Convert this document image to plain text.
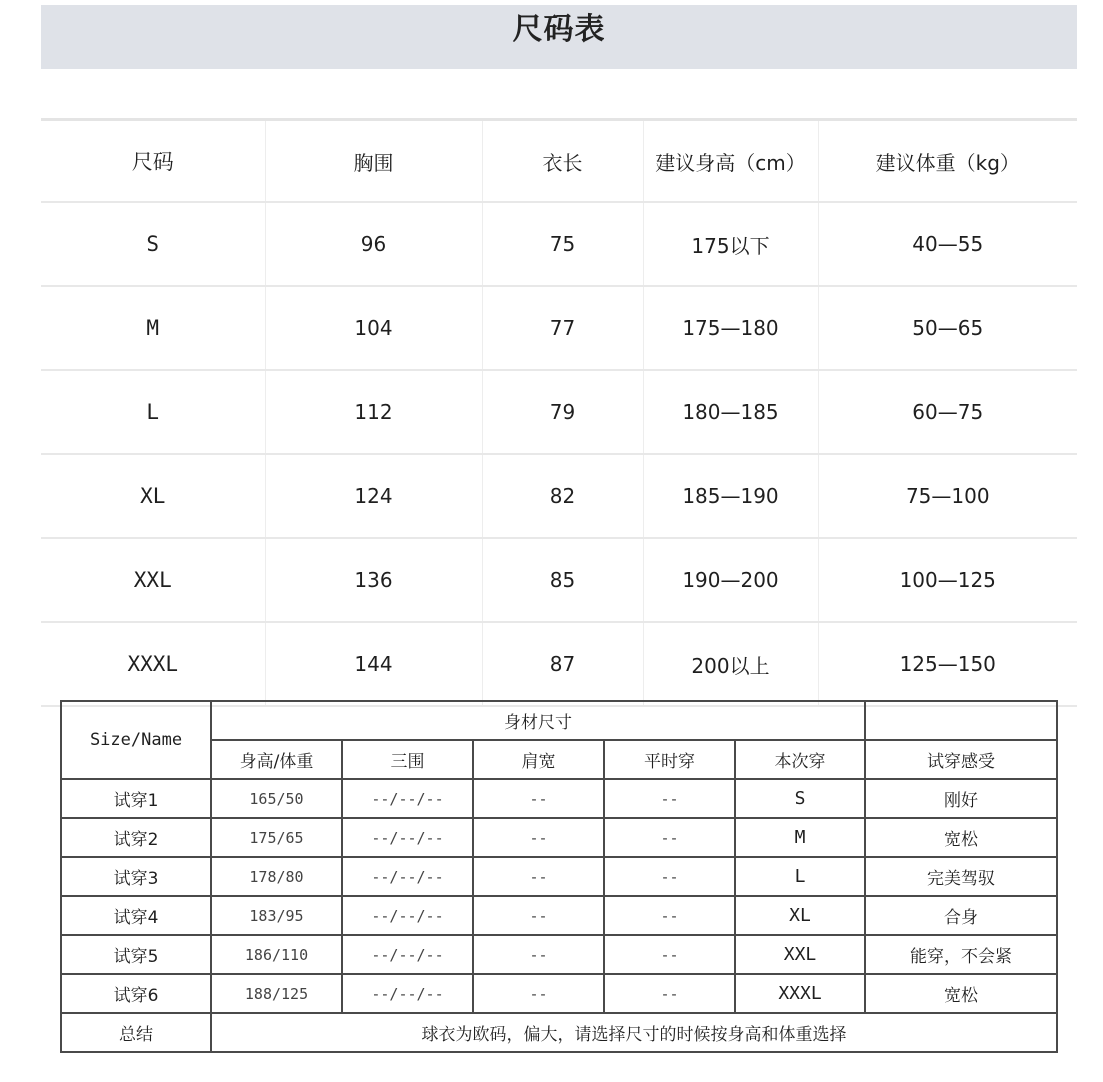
尺码表
尺码	胸围	衣长	建议身高（cm）	建议体重（kg）
S	96	75	175以下	40—55
M	104	77	175—180	50—65
L	112	79	180—185	60—75
XL	124	82	185—190	75—100
XXL	136	85	190—200	100—125
XXXL	144	87	200以上	125—150
Size/Name	身材尺寸					
	身高/体重	三围	肩宽	平时穿	本次穿	试穿感受
试穿1	165/50	--/--/--	--	--	S	刚好
试穿2	175/65	--/--/--	--	--	M	宽松
试穿3	178/80	--/--/--	--	--	L	完美驾驭
试穿4	183/95	--/--/--	--	--	XL	合身
试穿5	186/110	--/--/--	--	--	XXL	能穿，不会紧
试穿6	188/125	--/--/--	--	--	XXXL	宽松
总结	球衣为欧码，偏大，请选择尺寸的时候按身高和体重选择					
